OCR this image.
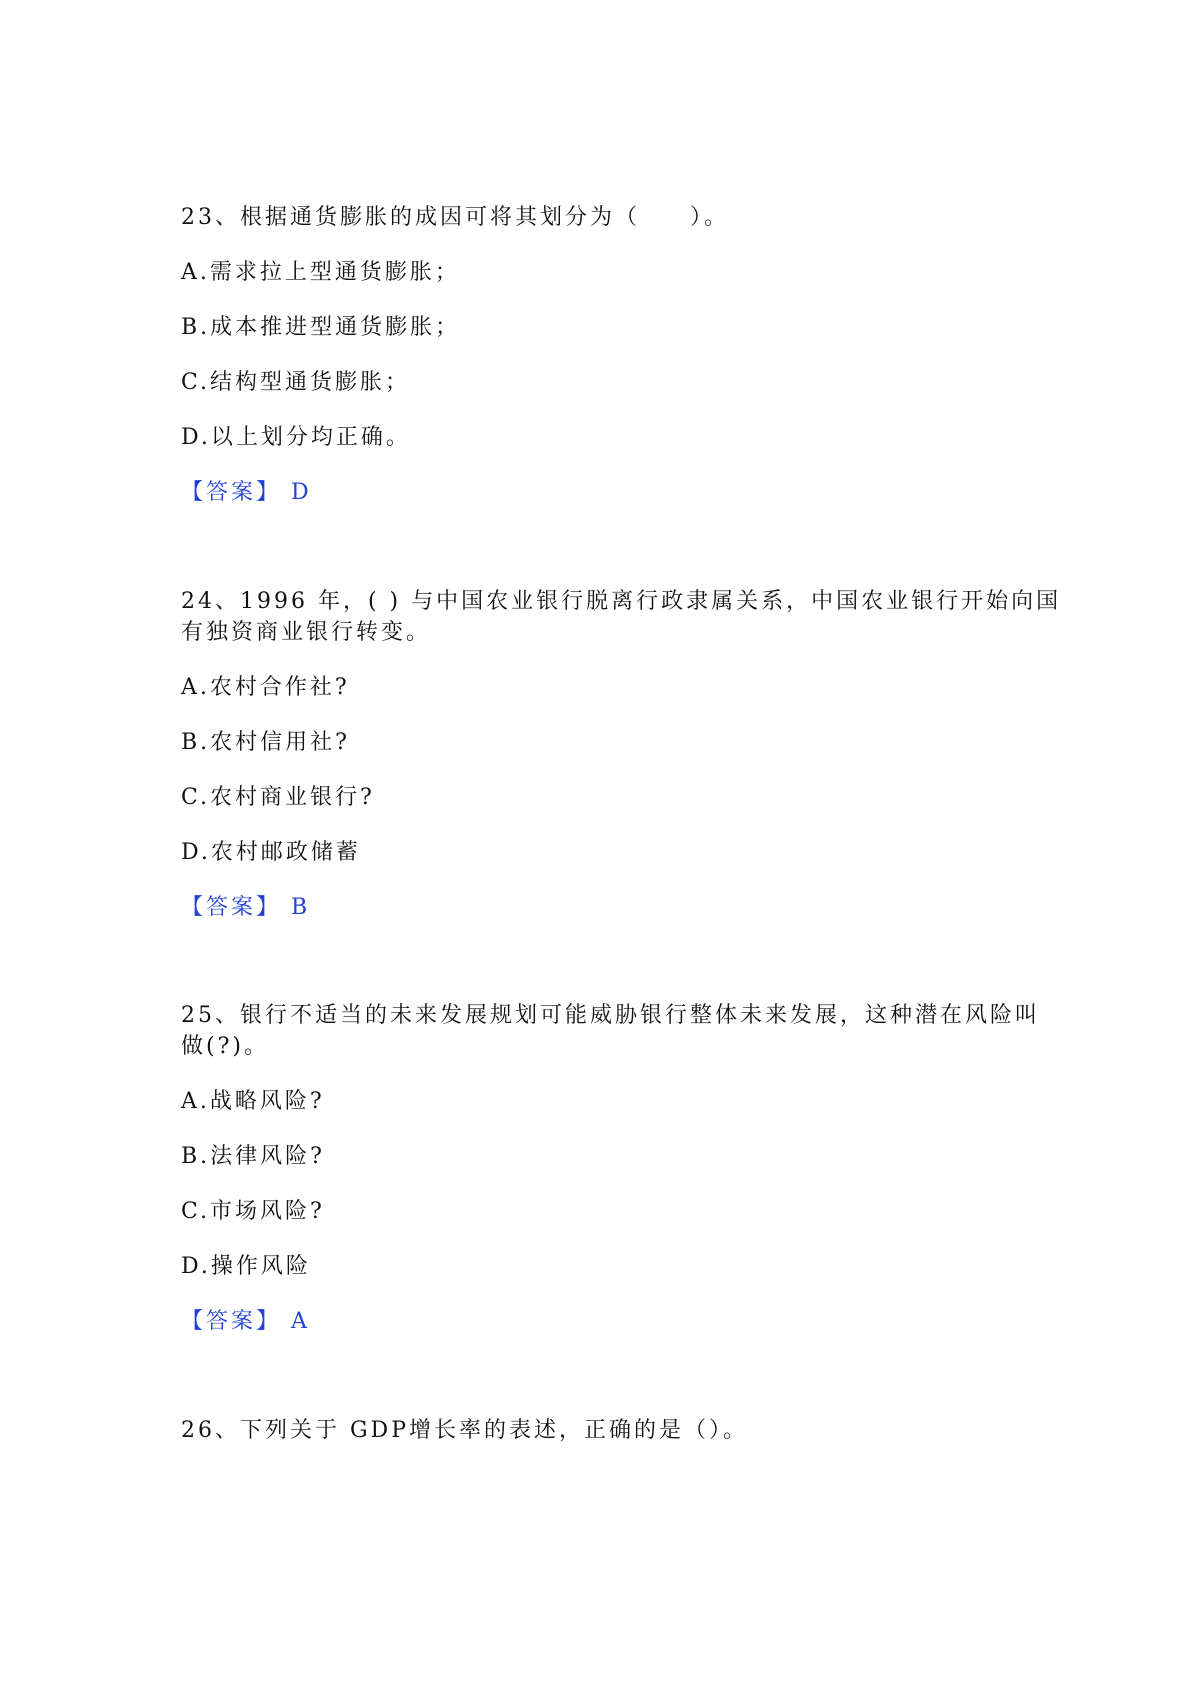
23、根据通货膨胀的成因可将其划分为（　　）。
A.需求拉上型通货膨胀；
B.成本推进型通货膨胀；
C.结构型通货膨胀；
D.以上划分均正确。
【答案】 D
24、1996 年，( ) 与中国农业银行脱离行政隶属关系，中国农业银行开始向国
有独资商业银行转变。
A.农村合作社?
B.农村信用社?
C.农村商业银行?
D.农村邮政储蓄
【答案】 B
25、银行不适当的未来发展规划可能威胁银行整体未来发展，这种潜在风险叫
做(?)。
A.战略风险?
B.法律风险?
C.市场风险?
D.操作风险
【答案】 A
26、下列关于 GDP增长率的表述，正确的是（）。
